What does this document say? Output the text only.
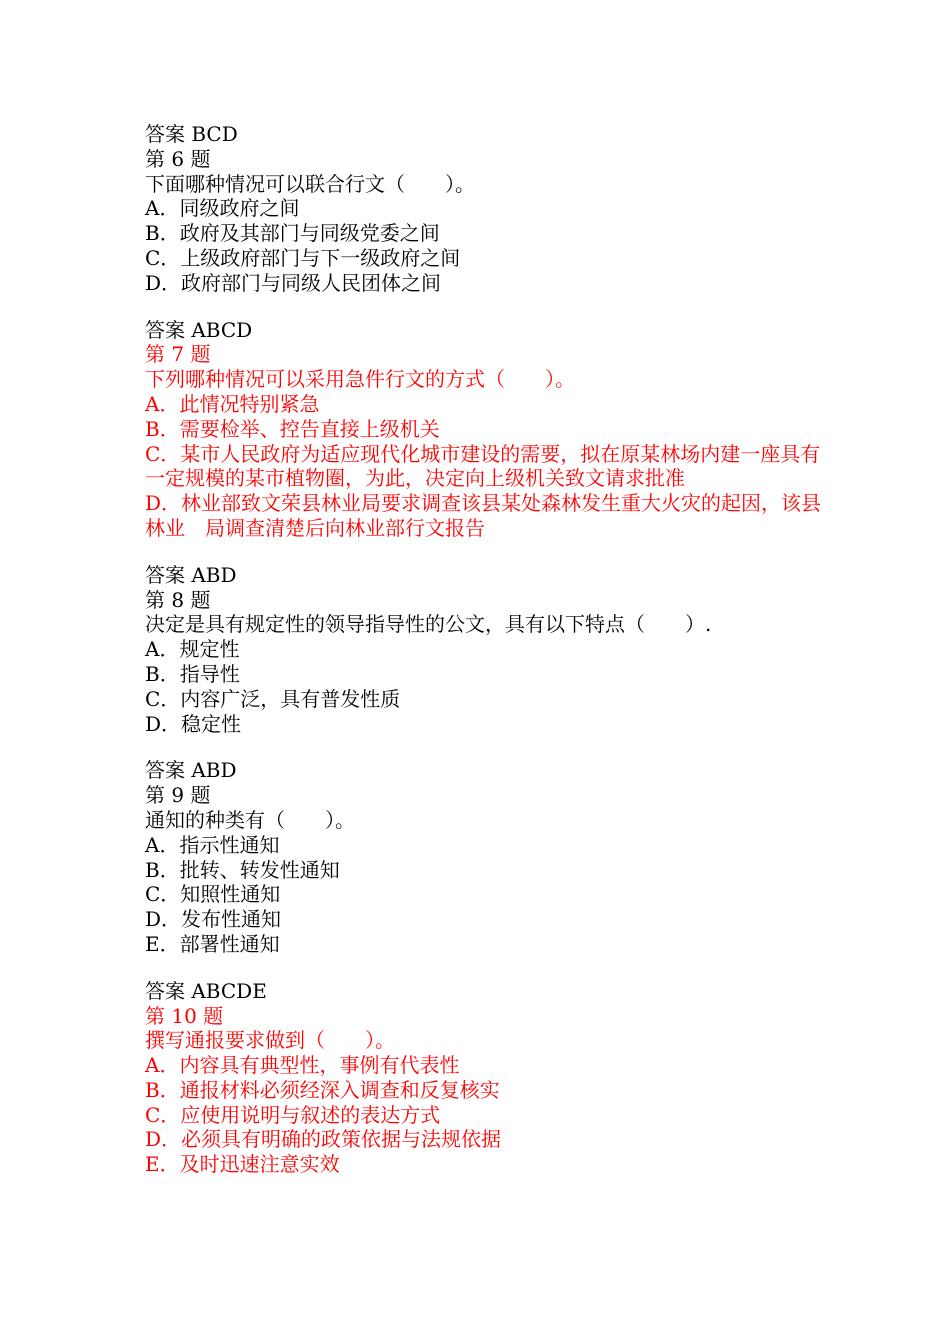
答案 BCD
第 6 题
下面哪种情况可以联合行文（　　）。
A．同级政府之间
B．政府及其部门与同级党委之间
C．上级政府部门与下一级政府之间
D．政府部门与同级人民团体之间
答案 ABCD
第 7 题
下列哪种情况可以采用急件行文的方式（　　）。
A．此情况特别紧急
B．需要检举、控告直接上级机关
C．某市人民政府为适应现代化城市建设的需要，拟在原某林场内建一座具有一定规模的某市植物圈，为此，决定向上级机关致文请求批准
D．林业部致文荣县林业局要求调查该县某处森林发生重大火灾的起因，该县林业　局调查清楚后向林业部行文报告
答案 ABD
第 8 题
决定是具有规定性的领导指导性的公文，具有以下特点（　　）.
A．规定性
B．指导性
C．内容广泛，具有普发性质
D．稳定性
答案 ABD
第 9 题
通知的种类有（　　）。
A．指示性通知
B．批转、转发性通知
C．知照性通知
D．发布性通知
E．部署性通知
答案 ABCDE
第 10 题
撰写通报要求做到（　　）。
A．内容具有典型性，事例有代表性
B．通报材料必须经深入调查和反复核实
C．应使用说明与叙述的表达方式
D．必须具有明确的政策依据与法规依据
E．及时迅速注意实效
